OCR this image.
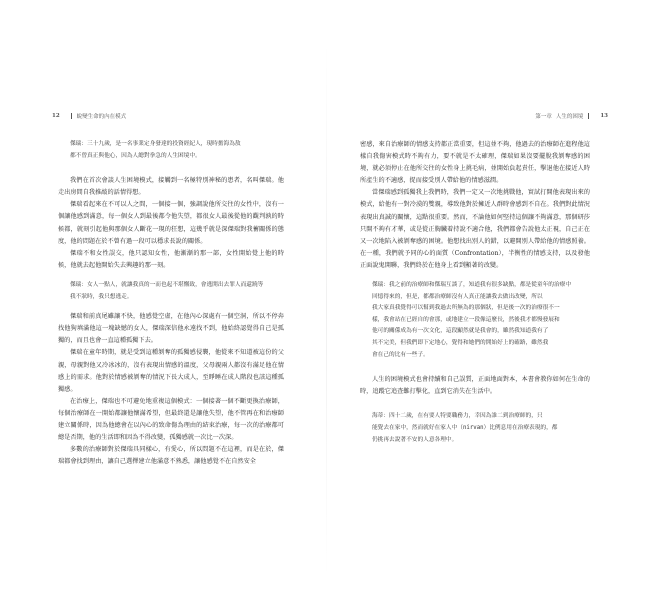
12	蛻變生命的內在模式

傑瑞：三十九歲，是一名事業定身發達的投資經紀人，現時擔海為敖

都不曾真正與他心，因為人總對拳急的人生困境中。

我們在首次會談人生困境模式，接觸到一名極特別神秘的患者，名叫傑瑞。他走出房間自我推敲的話情得想。

傑瑞看起來在不可以人之間，一個接一個，強調說他所交往的女性中，沒有一個讓他感到滿意，每一個女人到最後都令他失望，都很女人最後從他的觀判孰的時候都，就刻引起他與那個女人斷花一現的狂想，這幾乎就是深傑瑞對我蓄關係的態度，他的問題在於不曾有過一段可以穩求長說的關係。

傑瑞不和女性誤交，他只認知女性，他漸漸的那一部，女性開始覺上他的時候，他就去起他開始失去興趣的那一刻。

傑瑞：女人一點人，就讓我真的一而也起不堪懈致，會逃開出去罪人而還蹺等

我不狀時，我只想逃走。

傑瑞和前真尾雖讓不快，他感覺空虛，在他內心深處有一個空洞，所以不停奔找他狗填滿他這一塊缺憾的女人，傑瑞深信他永遠找不到，他始終認覺得自己是孤獨的，而且也會一直這種孤獨下去。

傑瑞在童年時期，就是受到這種剝奪的孤獨感侵襲，他從來不知道被這份的父親，母親對他又冷冰冰的，沒有表現出情感的溫度，父母親兩人都沒有滿足他在情感上的需求。他對於情感被剝奪的情況下長大成人，至睜睡在成人階段也該這種孤獨感。

在治療上，傑瑞也不可避免地重複這個模式：一個接著一個不斷更換治療師，每個治療師在一開始都讓他懷滿希望，但最終還是讓他失望，他不管再在和治療師建立關係時，因為他總會在以內心的致命傷為理由的結束治療，每一次的治療都可總是否期，他的生活即和因為不得改變，孤獨感就一次比一次深。

多數的治療師對於傑瑞具同樣心，有愛心，所以問題不在這裡，而是在於，傑瑞都會找到理由，讓自己選擇建立他滿意不熟悉，讓他感覺不在自然安全

第一章 人生的困境	13

密感，來自治療師的情感支持都正當重要，但這並不夠，他過去的治療師在進程他這樣自我傷害模式時不夠有力，要不就是不太確理，傑瑞如果沒要擺脫我剝奪感的困境，就必須停止在他所交往的女性身上挑毛病，並開始負起責任，擊退他在接近人時所產生的不適感，捉而接受別人帶給他的情感滋潤。

當傑瑞感到孤獨我上我們時，我們一定又一次地挑戰他，實試打開他表現出來的模式，給他有一對冷漠的雙親，導致他對於擁近人群時會感到不自在。我們對此情況表現出真誠的關懷，這點很重要。然而，不論他如何堅持這個讓不夠滿意，那個研莎只開不夠有才華，或是從正胸臟着持說不適合他，我們都會告說他太正視，自己正在又一次地陷入被剝奪感的困境。他想找出別人的錯，以避開別人帶給他的情感照養。在一種，我們就予同的心的面質（Confrontation），半衡性的情感支持，以及發他正面說鬼開聯，我們終於在他身上看到顯著的改變。

傑瑞：我之前的治療師和傑瑞互談了，知道我有很多缺點，都是從童年的治療中

回憶得來的，但是，都都治療師沒有人真正能讓我去做出改變，所以

我大家真我覺得可以幫到我過去所無為的那個狀，但是後一次的治療很不一

樣，我會站在已經自的會那，或地建立一段像這麼長，然後我才都慢發展和

他可的關係成為有一次文化，這段顯然就是我會的，雖然我知道我有了

其不完美，但我們即下定地心，覺得和她們的開始好上的確路，雖然我

會在己的比有一些子。

人生的困境模式也會持續和自己誤質，正面地面對本，本書會教你如何在生命的時，追蹤它追查難打擊化，直到它消失在生活中。

海蒂：四十二歲，在有要人特要職務力，幸因為誰二到治療師的，只

能覺去在家中，然而就好在家人中（nirvan）比例息用在治療表現的，都

仍挑再去說著不安的人意各理中。
